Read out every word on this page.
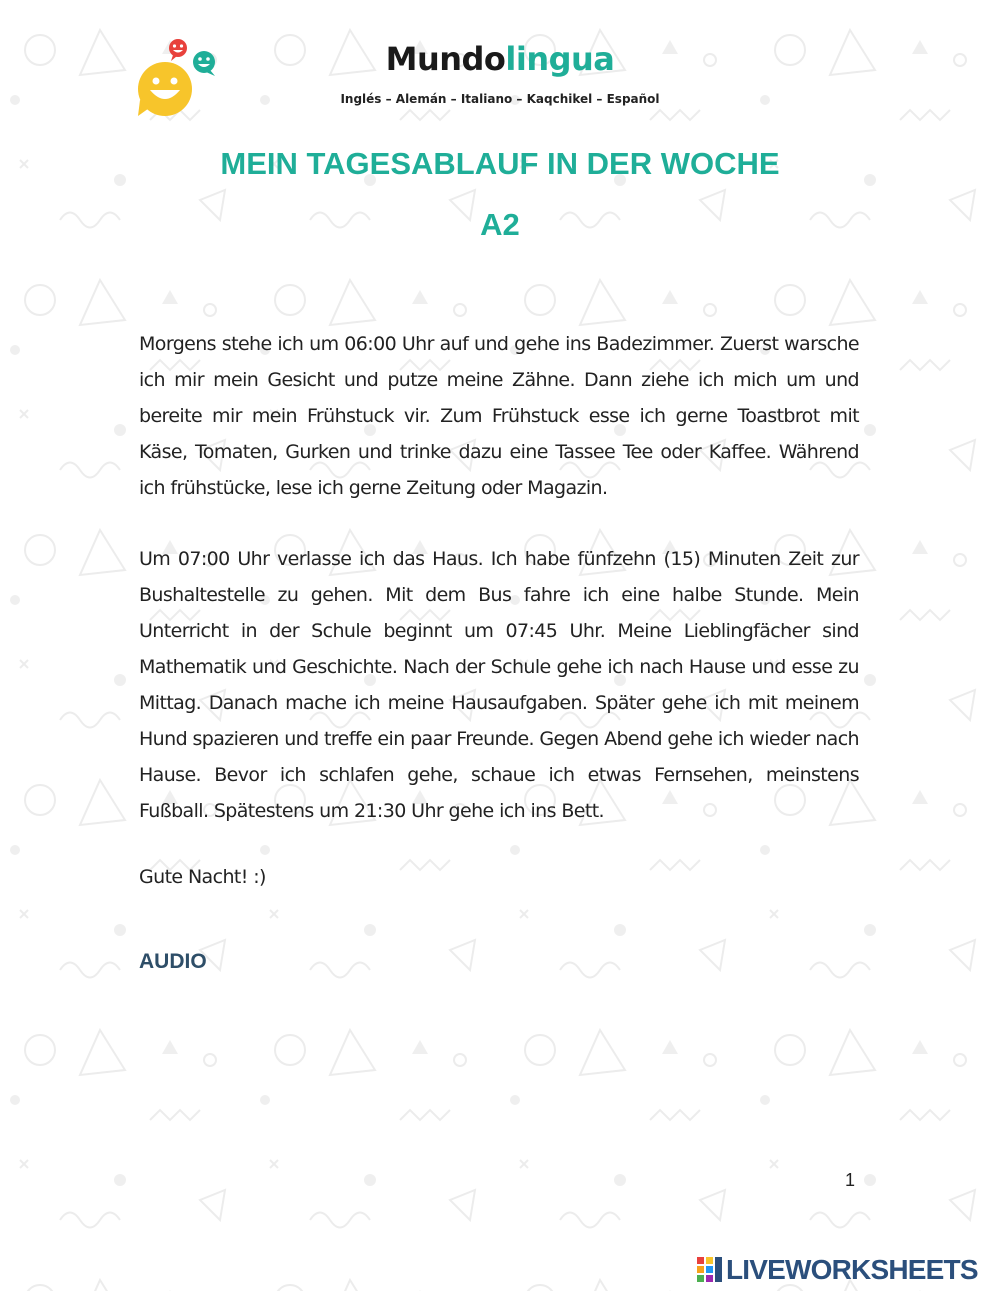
Mundolingua
Inglés – Alemán – Italiano – Kaqchikel – Español
MEIN TAGESABLAUF IN DER WOCHE
A2

Morgens stehe ich um 06:00 Uhr auf und gehe ins Badezimmer. Zuerst warsche ich mir mein Gesicht und putze meine Zähne. Dann ziehe ich mich um und bereite mir mein Frühstuck vir. Zum Frühstuck esse ich gerne Toastbrot mit Käse, Tomaten, Gurken und trinke dazu eine Tassee Tee oder Kaffee. Während ich frühstücke, lese ich gerne Zeitung oder Magazin.

Um 07:00 Uhr verlasse ich das Haus. Ich habe fünfzehn (15) Minuten Zeit zur Bushaltestelle zu gehen. Mit dem Bus fahre ich eine halbe Stunde. Mein Unterricht in der Schule beginnt um 07:45 Uhr. Meine Lieblingfächer sind Mathematik und Geschichte. Nach der Schule gehe ich nach Hause und esse zu Mittag. Danach mache ich meine Hausaufgaben. Später gehe ich mit meinem Hund spazieren und treffe ein paar Freunde. Gegen Abend gehe ich wieder nach Hause. Bevor ich schlafen gehe, schaue ich etwas Fernsehen, meinstens Fußball. Spätestens um 21:30 Uhr gehe ich ins Bett.

Gute Nacht! :)
AUDIO
1
LIVEWORKSHEETS
